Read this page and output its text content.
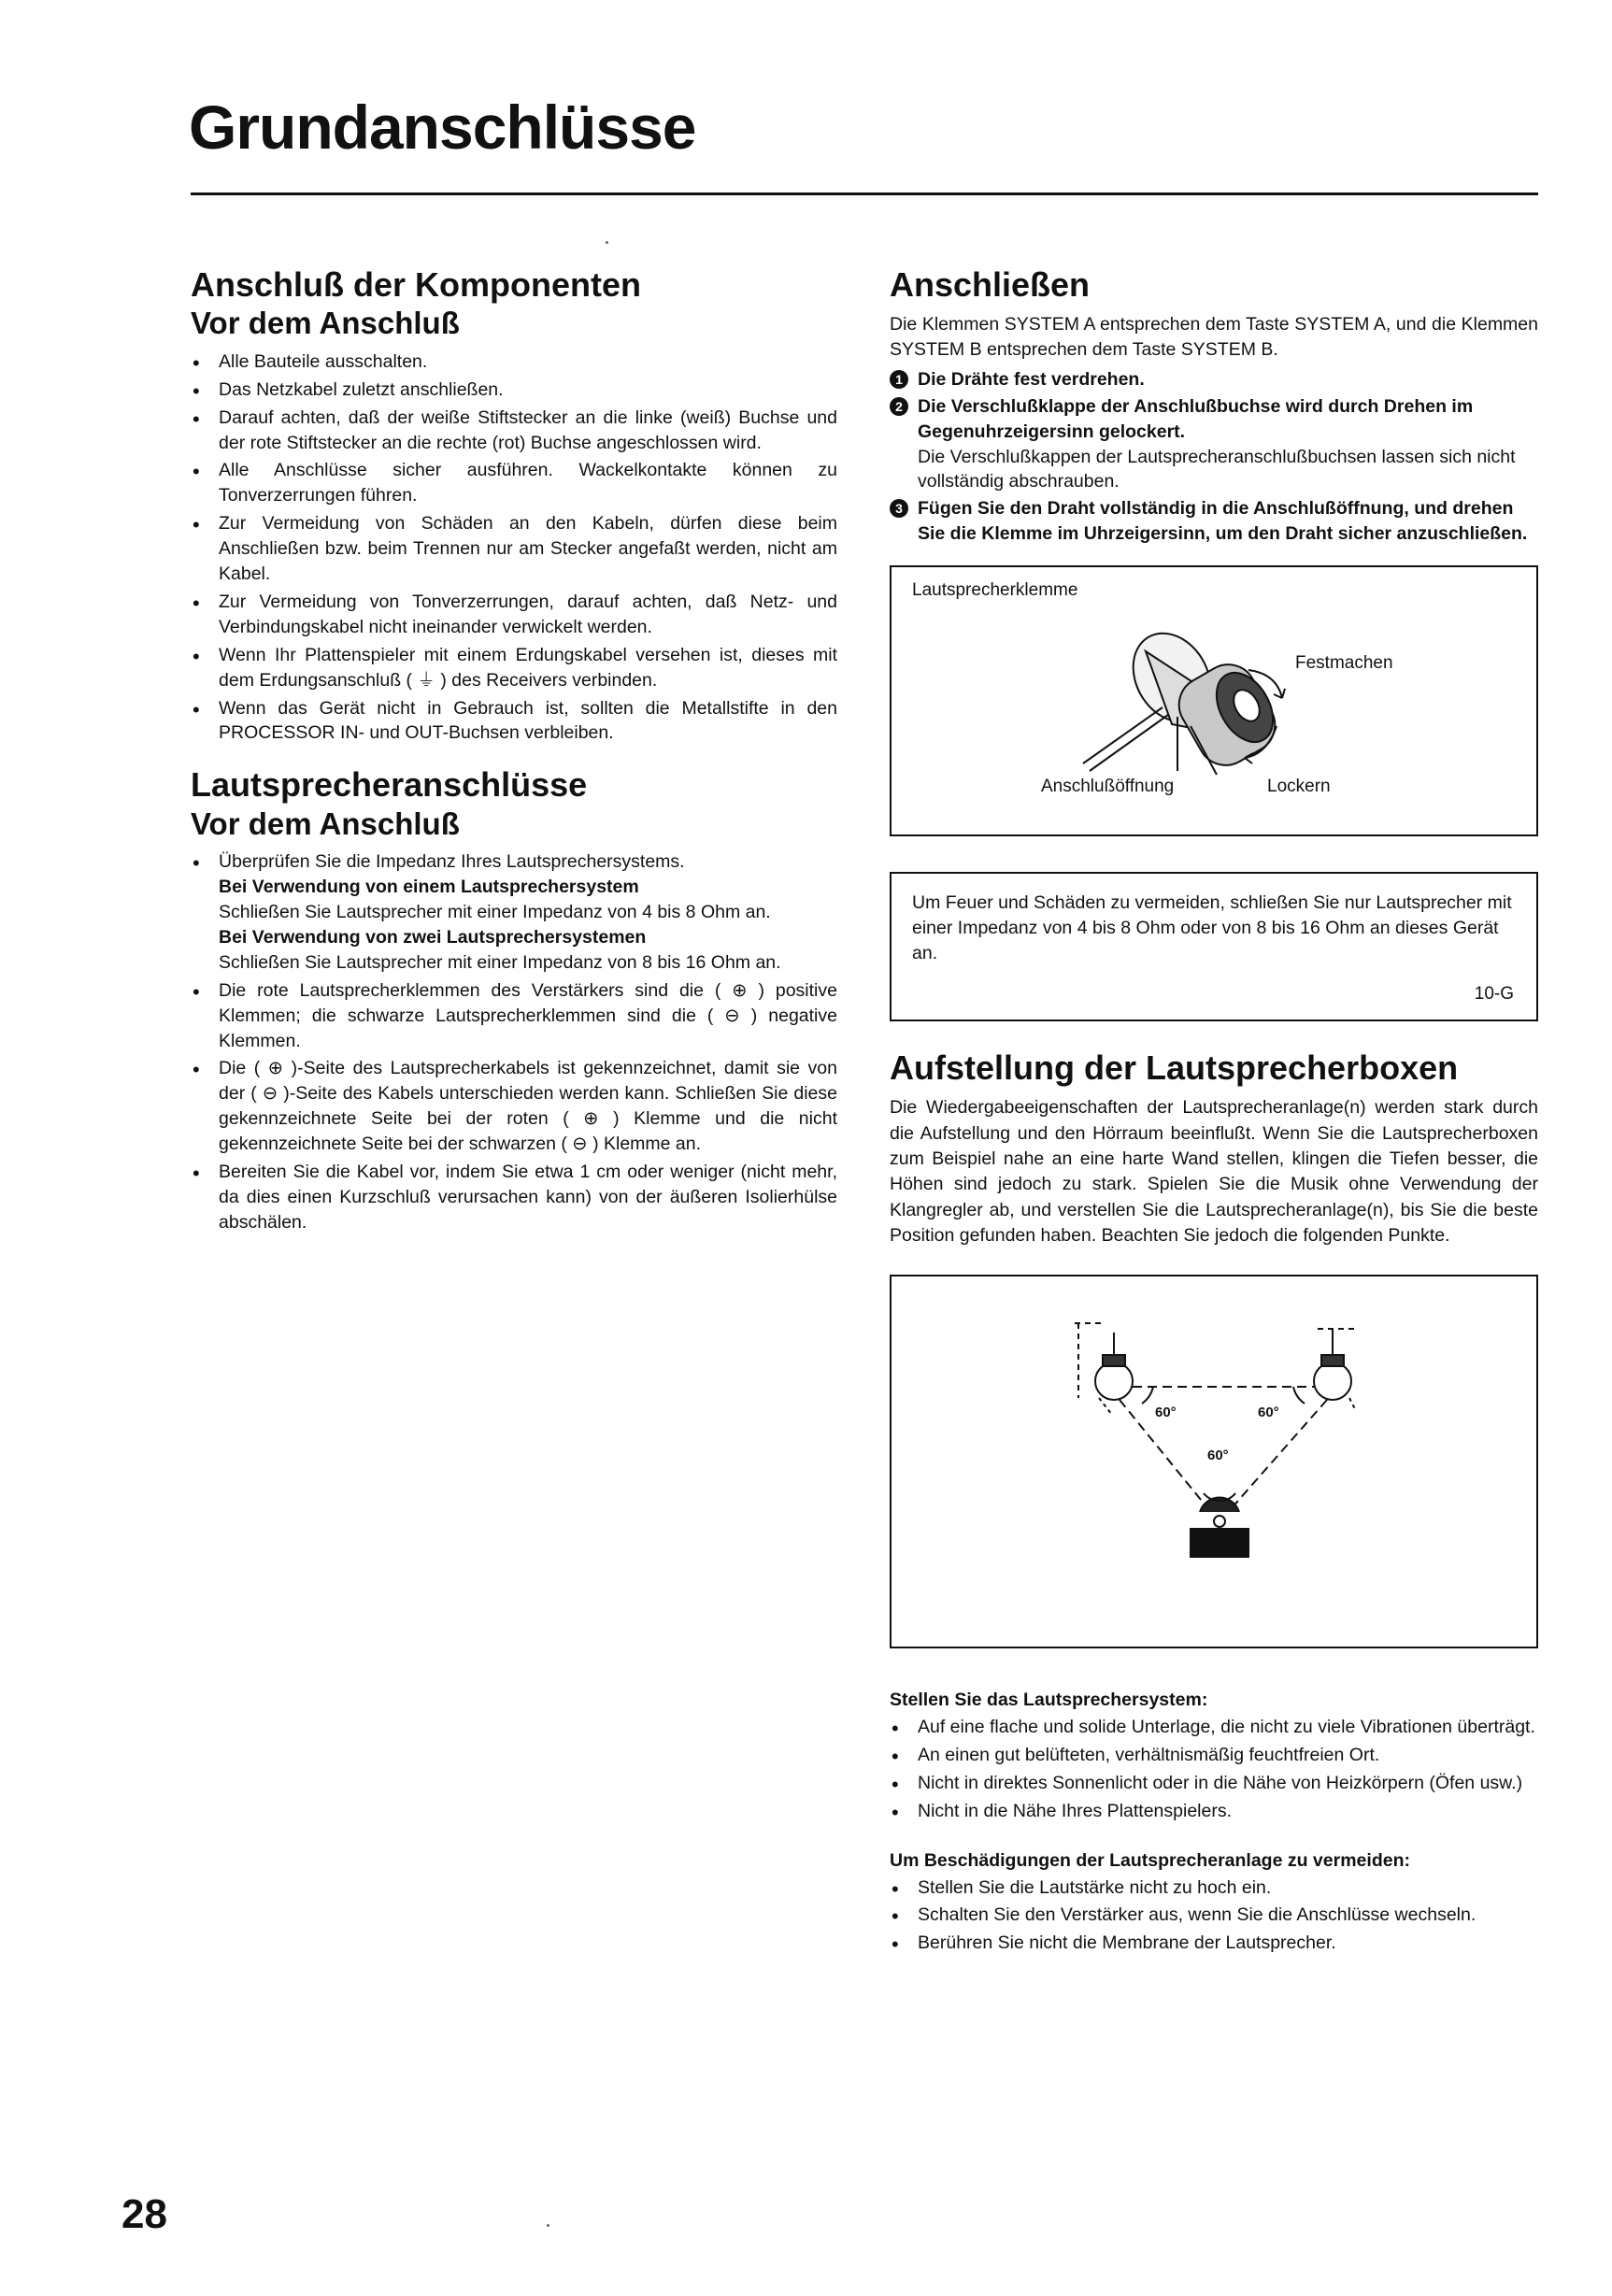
Grundanschlüsse
Anschluß der Komponenten
Vor dem Anschluß
• Alle Bauteile ausschalten.
• Das Netzkabel zuletzt anschließen.
• Darauf achten, daß der weiße Stiftstecker an die linke (weiß) Buchse und der rote Stiftstecker an die rechte (rot) Buchse angeschlossen wird.
• Alle Anschlüsse sicher ausführen. Wackelkontakte können zu Tonverzerrungen führen.
• Zur Vermeidung von Schäden an den Kabeln, dürfen diese beim Anschließen bzw. beim Trennen nur am Stecker angefaßt werden, nicht am Kabel.
• Zur Vermeidung von Tonverzerrungen, darauf achten, daß Netz- und Verbindungskabel nicht ineinander verwickelt werden.
• Wenn Ihr Plattenspieler mit einem Erdungskabel versehen ist, dieses mit dem Erdungsanschluß ( ⏚ ) des Receivers verbinden.
• Wenn das Gerät nicht in Gebrauch ist, sollten die Metallstifte in den PROCESSOR IN- und OUT-Buchsen verbleiben.
Lautsprecheranschlüsse
Vor dem Anschluß
• Überprüfen Sie die Impedanz Ihres Lautsprechersystems.
Bei Verwendung von einem Lautsprechersystem
Schließen Sie Lautsprecher mit einer Impedanz von 4 bis 8 Ohm an.
Bei Verwendung von zwei Lautsprechersystemen
Schließen Sie Lautsprecher mit einer Impedanz von 8 bis 16 Ohm an.
• Die rote Lautsprecherklemmen des Verstärkers sind die ( ⊕ ) positive Klemmen; die schwarze Lautsprecherklemmen sind die ( ⊖ ) negative Klemmen.
• Die ( ⊕ )-Seite des Lautsprecherkabels ist gekennzeichnet, damit sie von der ( ⊖ )-Seite des Kabels unterschieden werden kann. Schließen Sie diese gekennzeichnete Seite bei der roten ( ⊕ ) Klemme und die nicht gekennzeichnete Seite bei der schwarzen ( ⊖ ) Klemme an.
• Bereiten Sie die Kabel vor, indem Sie etwa 1 cm oder weniger (nicht mehr, da dies einen Kurzschluß verursachen kann) von der äußeren Isolierhülse abschälen.
Anschließen

Die Klemmen SYSTEM A entsprechen dem Taste SYSTEM A, und die Klemmen SYSTEM B entsprechen dem Taste SYSTEM B.

1 Die Drähte fest verdrehen.
2 Die Verschlußklappe der Anschlußbuchse wird durch Drehen im Gegenuhrzeigersinn gelockert.
Die Verschlußkappen der Lautsprecheranschlußbuchsen lassen sich nicht vollständig abschrauben.
3 Fügen Sie den Draht vollständig in die Anschlußöffnung, und drehen Sie die Klemme im Uhrzeigersinn, um den Draht sicher anzuschließen.
Lautsprecherklemme
Festmachen
Anschlußöffnung	Lockern
Um Feuer und Schäden zu vermeiden, schließen Sie nur Lautsprecher mit einer Impedanz von 4 bis 8 Ohm oder von 8 bis 16 Ohm an dieses Gerät an.
10-G
Aufstellung der Lautsprecherboxen

Die Wiedergabeeigenschaften der Lautsprecheranlage(n) werden stark durch die Aufstellung und den Hörraum beeinflußt. Wenn Sie die Lautsprecherboxen zum Beispiel nahe an eine harte Wand stellen, klingen die Tiefen besser, die Höhen sind jedoch zu stark. Spielen Sie die Musik ohne Verwendung der Klangregler ab, und verstellen Sie die Lautsprecheranlage(n), bis Sie die beste Position gefunden haben. Beachten Sie jedoch die folgenden Punkte.

60°	60°
60°

Stellen Sie das Lautsprechersystem:

• Auf eine flache und solide Unterlage, die nicht zu viele Vibrationen überträgt.
• An einen gut belüfteten, verhältnismäßig feuchtfreien Ort.
• Nicht in direktes Sonnenlicht oder in die Nähe von Heizkörpern (Öfen usw.)
• Nicht in die Nähe Ihres Plattenspielers.

Um Beschädigungen der Lautsprecheranlage zu vermeiden:

• Stellen Sie die Lautstärke nicht zu hoch ein.
• Schalten Sie den Verstärker aus, wenn Sie die Anschlüsse wechseln.
• Berühren Sie nicht die Membrane der Lautsprecher.
28
